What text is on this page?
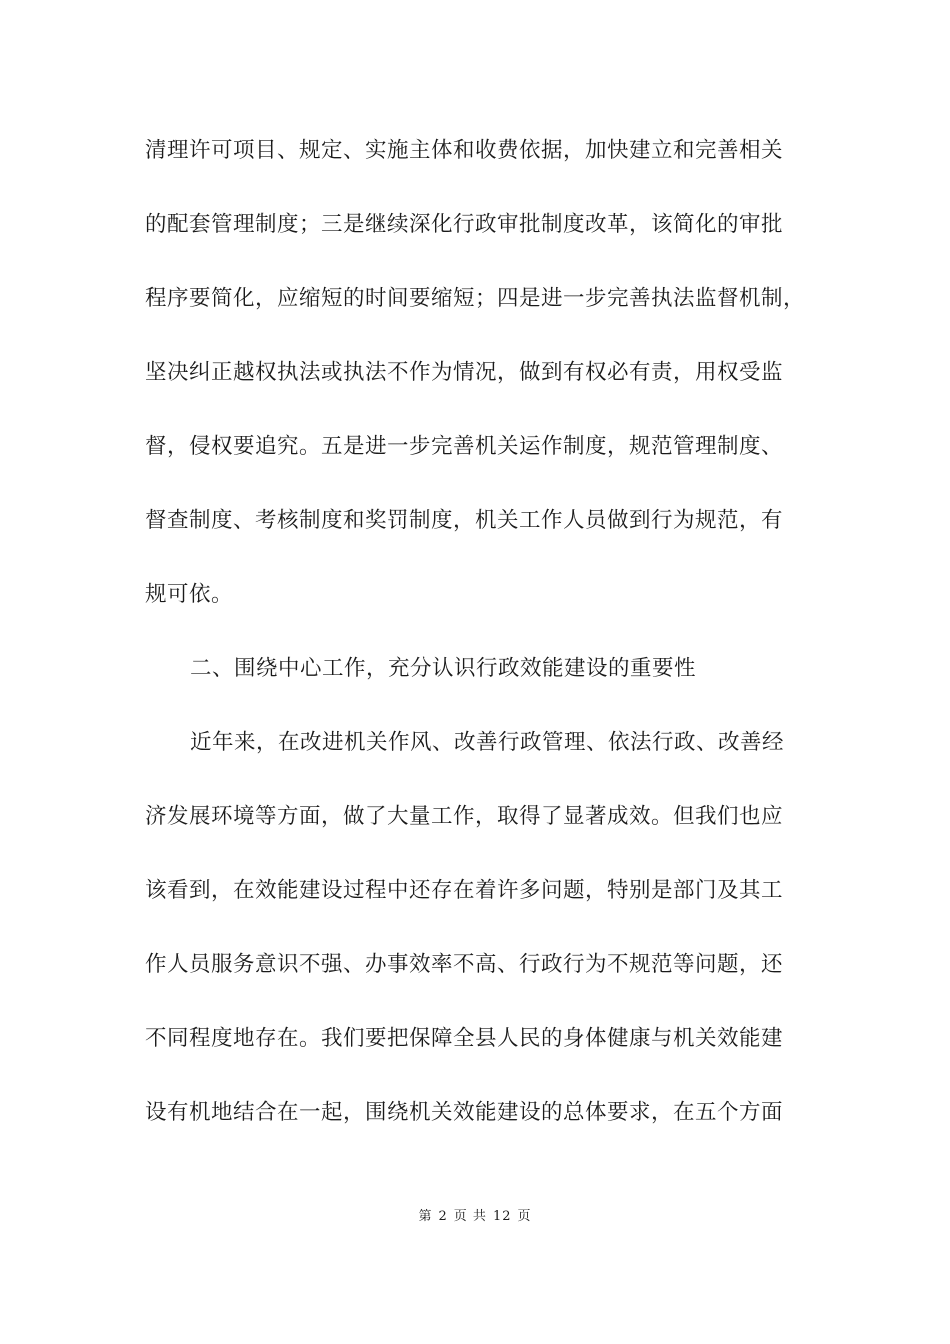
清理许可项目、规定、实施主体和收费依据，加快建立和完善相关
的配套管理制度；三是继续深化行政审批制度改革，该简化的审批
程序要简化，应缩短的时间要缩短；四是进一步完善执法监督机制，
坚决纠正越权执法或执法不作为情况，做到有权必有责，用权受监
督，侵权要追究。五是进一步完善机关运作制度，规范管理制度、
督查制度、考核制度和奖罚制度，机关工作人员做到行为规范，有
规可依。
二、围绕中心工作，充分认识行政效能建设的重要性
近年来，在改进机关作风、改善行政管理、依法行政、改善经
济发展环境等方面，做了大量工作，取得了显著成效。但我们也应
该看到，在效能建设过程中还存在着许多问题，特别是部门及其工
作人员服务意识不强、办事效率不高、行政行为不规范等问题，还
不同程度地存在。我们要把保障全县人民的身体健康与机关效能建
设有机地结合在一起，围绕机关效能建设的总体要求，在五个方面
第 2 页 共 12 页
